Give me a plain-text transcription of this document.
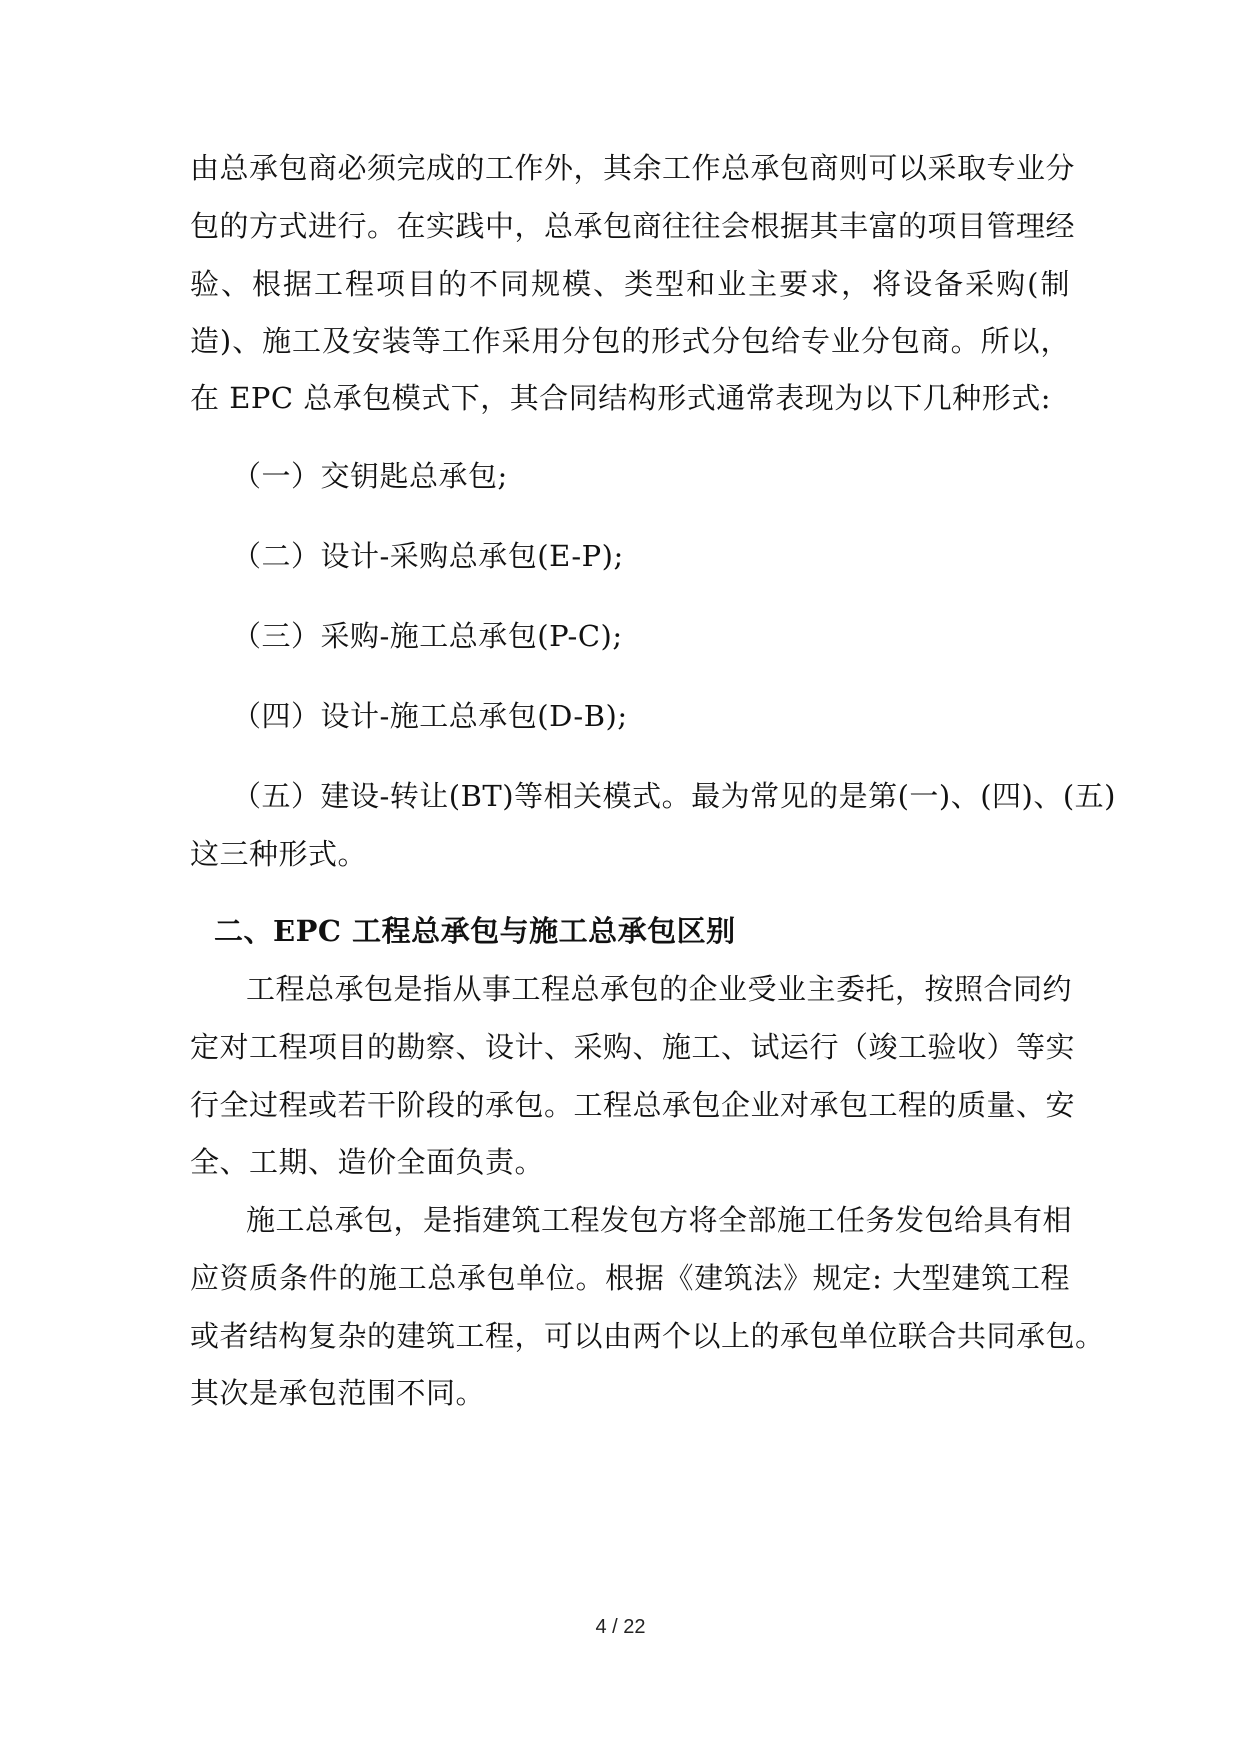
由总承包商必须完成的工作外，其余工作总承包商则可以采取专业分
包的方式进行。在实践中，总承包商往往会根据其丰富的项目管理经
验、根据工程项目的不同规模、类型和业主要求，将设备采购(制
造)、施工及安装等工作采用分包的形式分包给专业分包商。所以，
在 EPC 总承包模式下，其合同结构形式通常表现为以下几种形式:
（一）交钥匙总承包;
（二）设计-采购总承包(E-P);
（三）采购-施工总承包(P-C);
（四）设计-施工总承包(D-B);
（五）建设-转让(BT)等相关模式。最为常见的是第(一)、(四)、(五)
这三种形式。
二、EPC 工程总承包与施工总承包区别
工程总承包是指从事工程总承包的企业受业主委托，按照合同约
定对工程项目的勘察、设计、采购、施工、试运行（竣工验收）等实
行全过程或若干阶段的承包。工程总承包企业对承包工程的质量、安
全、工期、造价全面负责。
施工总承包，是指建筑工程发包方将全部施工任务发包给具有相
应资质条件的施工总承包单位。根据《建筑法》规定: 大型建筑工程
或者结构复杂的建筑工程，可以由两个以上的承包单位联合共同承包。
其次是承包范围不同。
4 / 22
